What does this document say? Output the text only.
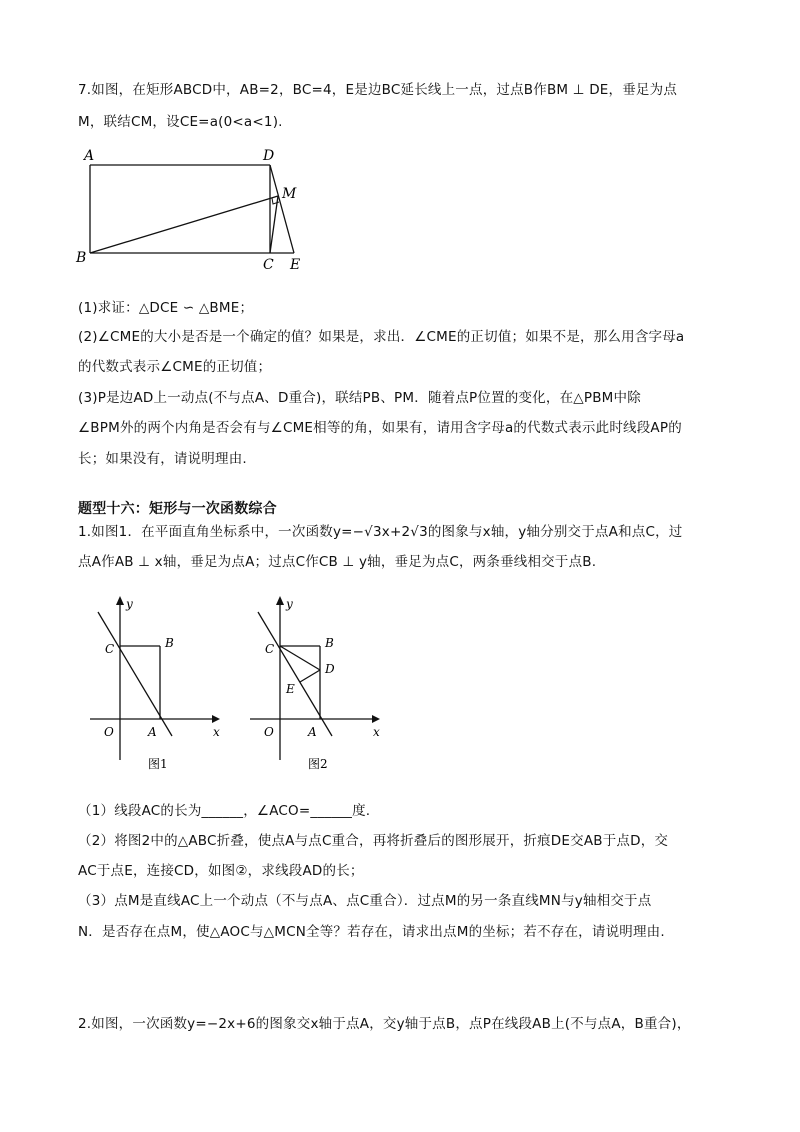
7.如图，在矩形ABCD中，AB=2，BC=4，E是边BC延长线上一点，过点B作BM ⊥ DE，垂足为点
M，联结CM，设CE=a(0<a<1).
A	D
M
B	C E
(1)求证：△DCE ∽ △BME；
(2)∠CME的大小是否是一个确定的值？如果是，求出．∠CME的正切值；如果不是，那么用含字母a
的代数式表示∠CME的正切值；
(3)P是边AD上一动点(不与点A、D重合)，联结PB、PM．随着点P位置的变化，在△PBM中除
∠BPM外的两个内角是否会有与∠CME相等的角，如果有，请用含字母a的代数式表示此时线段AP的
长；如果没有，请说明理由.
题型十六：矩形与一次函数综合
1.如图1．在平面直角坐标系中，一次函数y=−√3x+2√3的图象与x轴，y轴分别交于点A和点C，过
点A作AB ⊥ x轴，垂足为点A；过点C作CB ⊥ y轴，垂足为点C，两条垂线相交于点B.
y
C	B
O	A	x
图1
y
C	B
D
E
O	A	x
图2
（1）线段AC的长为______，∠ACO=______度.
（2）将图2中的△ABC折叠，使点A与点C重合，再将折叠后的图形展开，折痕DE交AB于点D，交
AC于点E，连接CD，如图②，求线段AD的长；
（3）点M是直线AC上一个动点（不与点A、点C重合）．过点M的另一条直线MN与y轴相交于点
N．是否存在点M，使△AOC与△MCN全等？若存在，请求出点M的坐标；若不存在，请说明理由.
2.如图，一次函数y=−2x+6的图象交x轴于点A，交y轴于点B，点P在线段AB上(不与点A，B重合)，
